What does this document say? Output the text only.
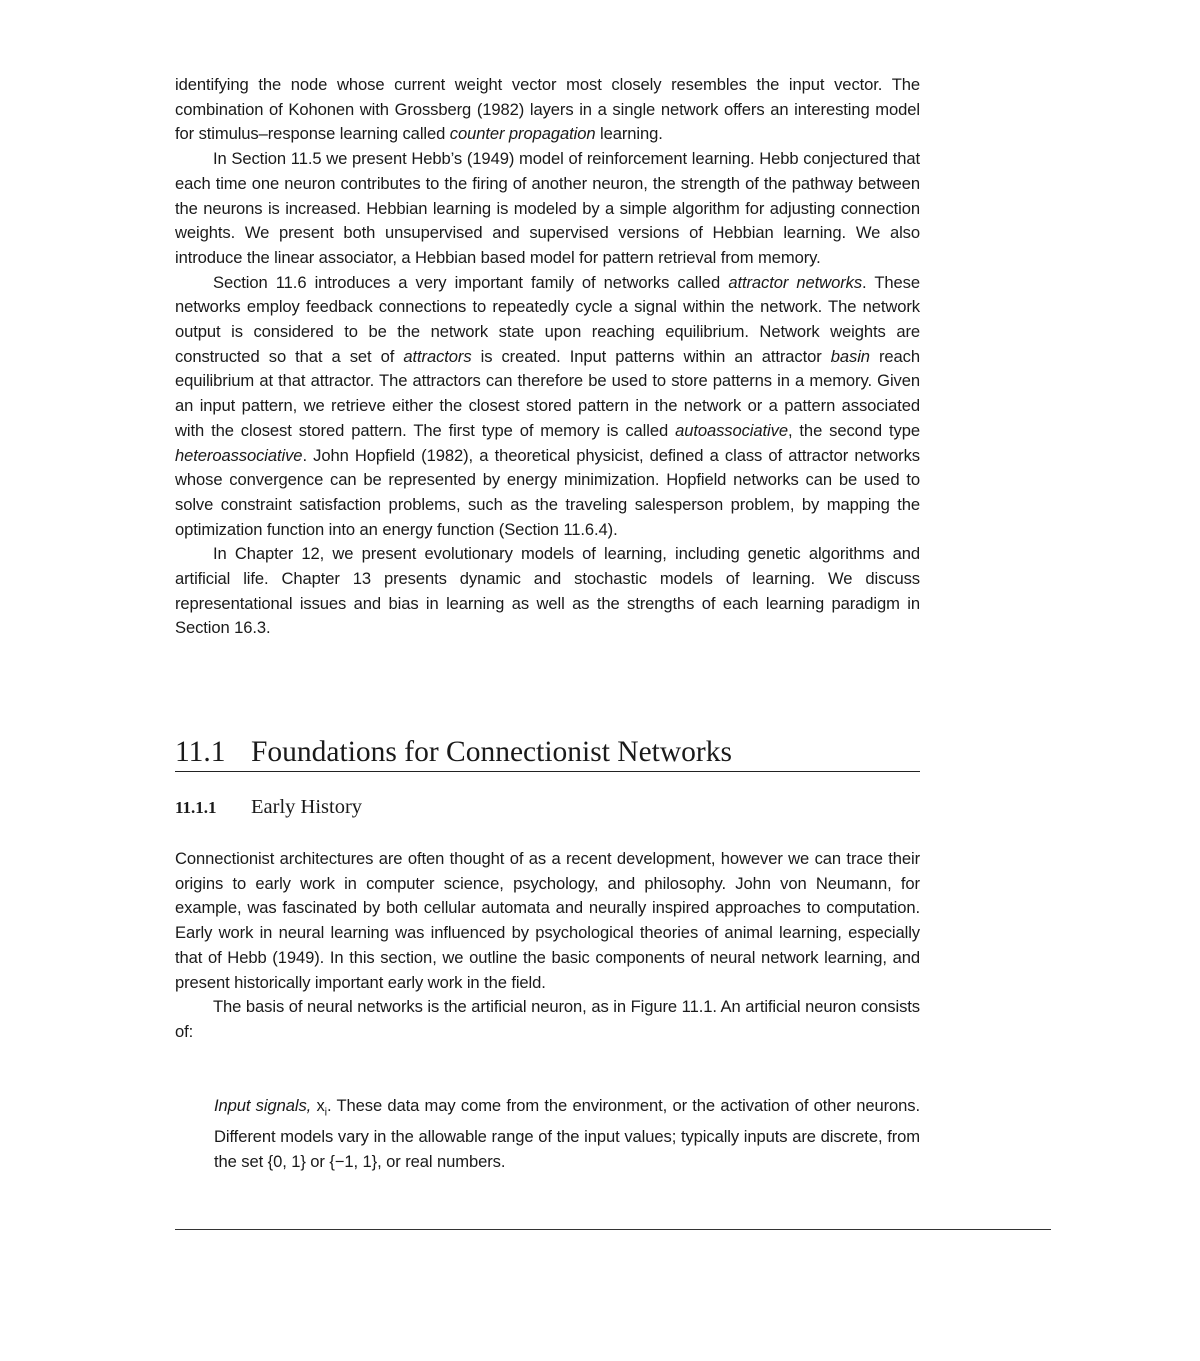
identifying the node whose current weight vector most closely resembles the input vector. The combination of Kohonen with Grossberg (1982) layers in a single network offers an interesting model for stimulus–response learning called counter propagation learning.

In Section 11.5 we present Hebb’s (1949) model of reinforcement learning. Hebb conjectured that each time one neuron contributes to the firing of another neuron, the strength of the pathway between the neurons is increased. Hebbian learning is modeled by a simple algorithm for adjusting connection weights. We present both unsupervised and supervised versions of Hebbian learning. We also introduce the linear associator, a Hebbian based model for pattern retrieval from memory.

Section 11.6 introduces a very important family of networks called attractor networks. These networks employ feedback connections to repeatedly cycle a signal within the network. The network output is considered to be the network state upon reaching equilibrium. Network weights are constructed so that a set of attractors is created. Input patterns within an attractor basin reach equilibrium at that attractor. The attractors can therefore be used to store patterns in a memory. Given an input pattern, we retrieve either the closest stored pattern in the network or a pattern associated with the closest stored pattern. The first type of memory is called autoassociative, the second type heteroassociative. John Hopfield (1982), a theoretical physicist, defined a class of attractor networks whose convergence can be represented by energy minimization. Hopfield networks can be used to solve constraint satisfaction problems, such as the traveling salesperson problem, by mapping the optimization function into an energy function (Section 11.6.4).

In Chapter 12, we present evolutionary models of learning, including genetic algorithms and artificial life. Chapter 13 presents dynamic and stochastic models of learning. We discuss representational issues and bias in learning as well as the strengths of each learning paradigm in Section 16.3.

11.1 Foundations for Connectionist Networks
11.1.1 Early History

Connectionist architectures are often thought of as a recent development, however we can trace their origins to early work in computer science, psychology, and philosophy. John von Neumann, for example, was fascinated by both cellular automata and neurally inspired approaches to computation. Early work in neural learning was influenced by psychological theories of animal learning, especially that of Hebb (1949). In this section, we outline the basic components of neural network learning, and present historically important early work in the field.

The basis of neural networks is the artificial neuron, as in Figure 11.1. An artificial neuron consists of:

Input signals, $x_i$. These data may come from the environment, or the activation of other neurons. Different models vary in the allowable range of the input values; typically inputs are discrete, from the set {0, 1} or {−1, 1}, or real numbers.
